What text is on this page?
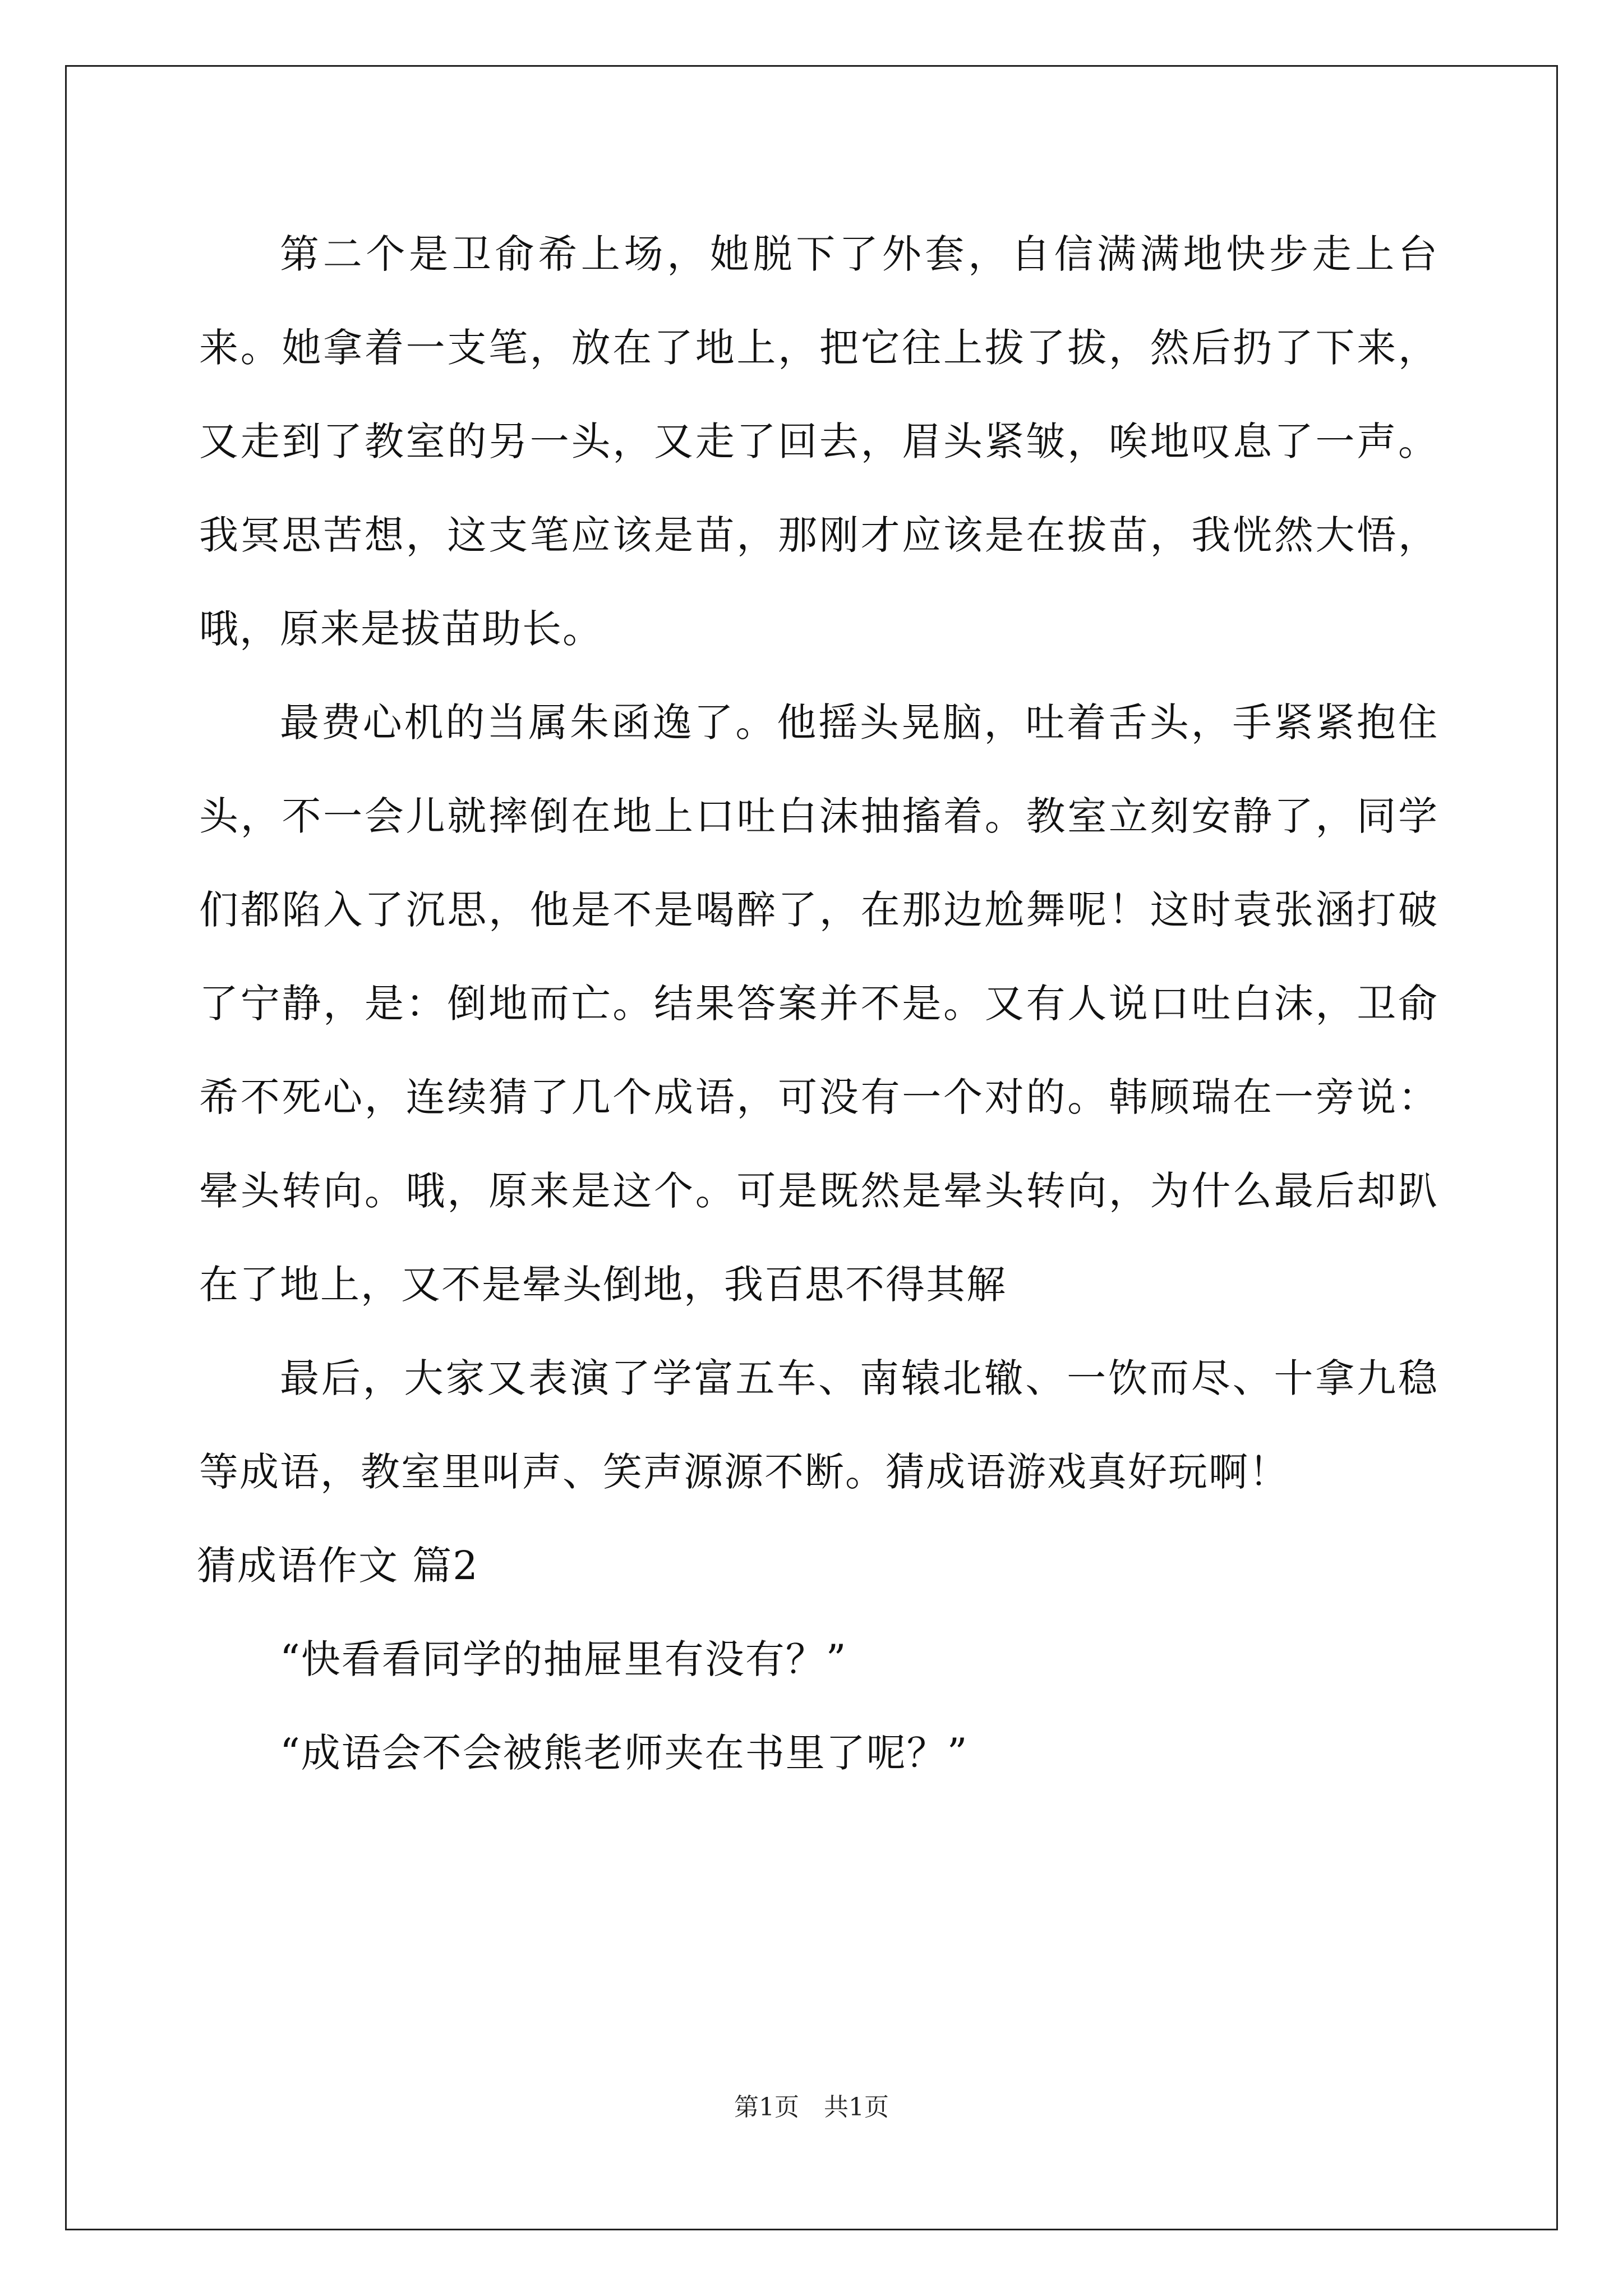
第二个是卫俞希上场，她脱下了外套，自信满满地快步走上台来。她拿着一支笔，放在了地上，把它往上拔了拔，然后扔了下来，又走到了教室的另一头，又走了回去，眉头紧皱，唉地叹息了一声。我冥思苦想，这支笔应该是苗，那刚才应该是在拔苗，我恍然大悟，哦，原来是拔苗助长。

最费心机的当属朱函逸了。他摇头晃脑，吐着舌头，手紧紧抱住头，不一会儿就摔倒在地上口吐白沫抽搐着。教室立刻安静了，同学们都陷入了沉思，他是不是喝醉了，在那边尬舞呢！这时袁张涵打破了宁静，是：倒地而亡。结果答案并不是。又有人说口吐白沫，卫俞希不死心，连续猜了几个成语，可没有一个对的。韩顾瑞在一旁说：晕头转向。哦，原来是这个。可是既然是晕头转向，为什么最后却趴在了地上，又不是晕头倒地，我百思不得其解

最后，大家又表演了学富五车、南辕北辙、一饮而尽、十拿九稳等成语，教室里叫声、笑声源源不断。猜成语游戏真好玩啊！

猜成语作文 篇2

“快看看同学的抽屉里有没有？”

“成语会不会被熊老师夹在书里了呢？”

第1页　共1页
